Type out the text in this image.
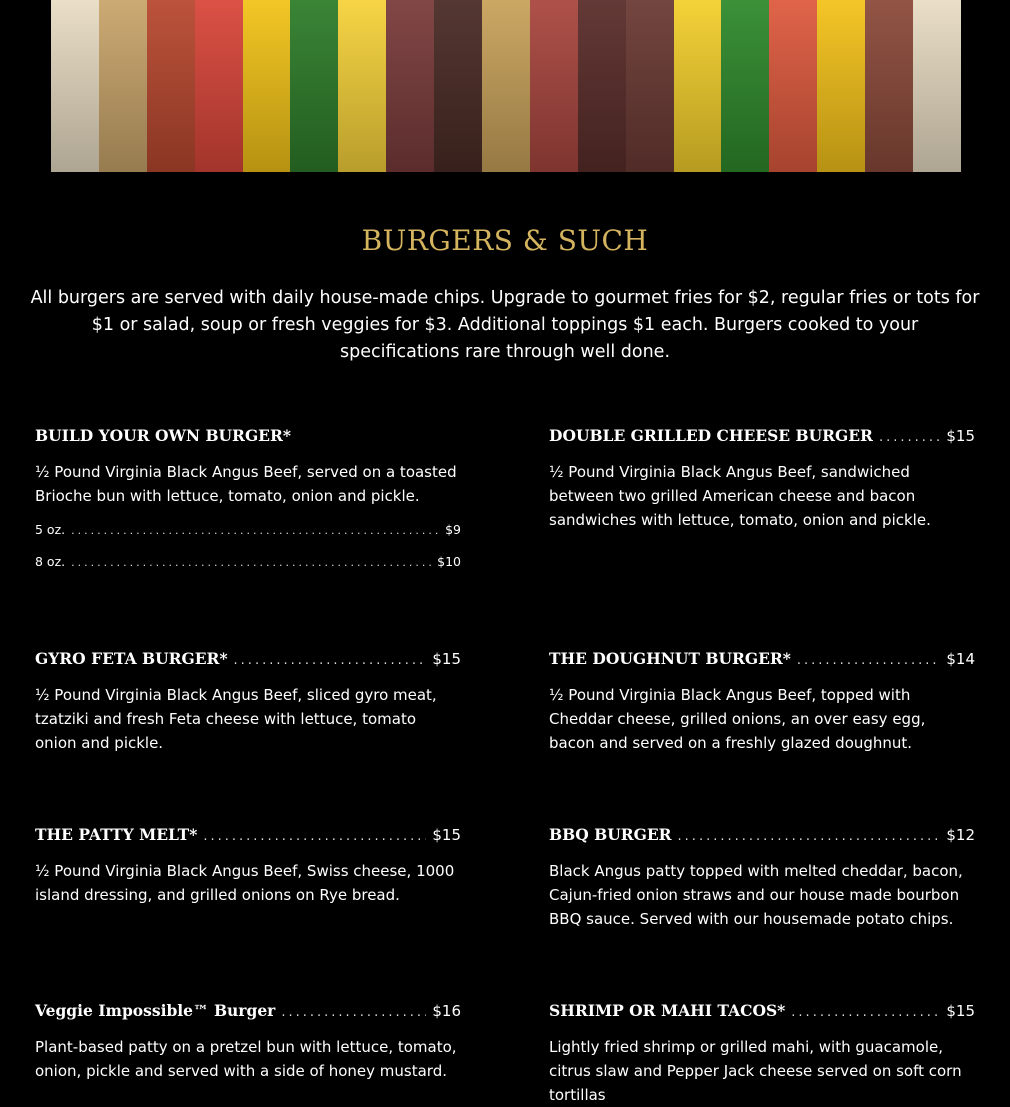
BURGERS & SUCH

All burgers are served with daily house-made chips. Upgrade to gourmet fries for $2, regular fries or tots for $1 or salad, soup or fresh veggies for $3. Additional toppings $1 each. Burgers cooked to your specifications rare through well done.

BUILD YOUR OWN BURGER*

½ Pound Virginia Black Angus Beef, served on a toasted Brioche bun with lettuce, tomato, onion and pickle.

5 oz. .....	$9
8 oz. .....	$10
DOUBLE GRILLED CHEESE BURGER .....	$15

½ Pound Virginia Black Angus Beef, sandwiched between two grilled American cheese and bacon sandwiches with lettuce, tomato, onion and pickle.

GYRO FETA BURGER* .....	$15

½ Pound Virginia Black Angus Beef, sliced gyro meat, tzatziki and fresh Feta cheese with lettuce, tomato onion and pickle.

THE DOUGHNUT BURGER* .....	$14

½ Pound Virginia Black Angus Beef, topped with Cheddar cheese, grilled onions, an over easy egg, bacon and served on a freshly glazed doughnut.

THE PATTY MELT* .....	$15

½ Pound Virginia Black Angus Beef, Swiss cheese, 1000 island dressing, and grilled onions on Rye bread.

BBQ BURGER .....	$12

Black Angus patty topped with melted cheddar, bacon, Cajun-fried onion straws and our house made bourbon BBQ sauce. Served with our housemade potato chips.

Veggie Impossible™ Burger .....	$16

Plant-based patty on a pretzel bun with lettuce, tomato, onion, pickle and served with a side of honey mustard.

SHRIMP OR MAHI TACOS* .....	$15

Lightly fried shrimp or grilled mahi, with guacamole, citrus slaw and Pepper Jack cheese served on soft corn tortillas
